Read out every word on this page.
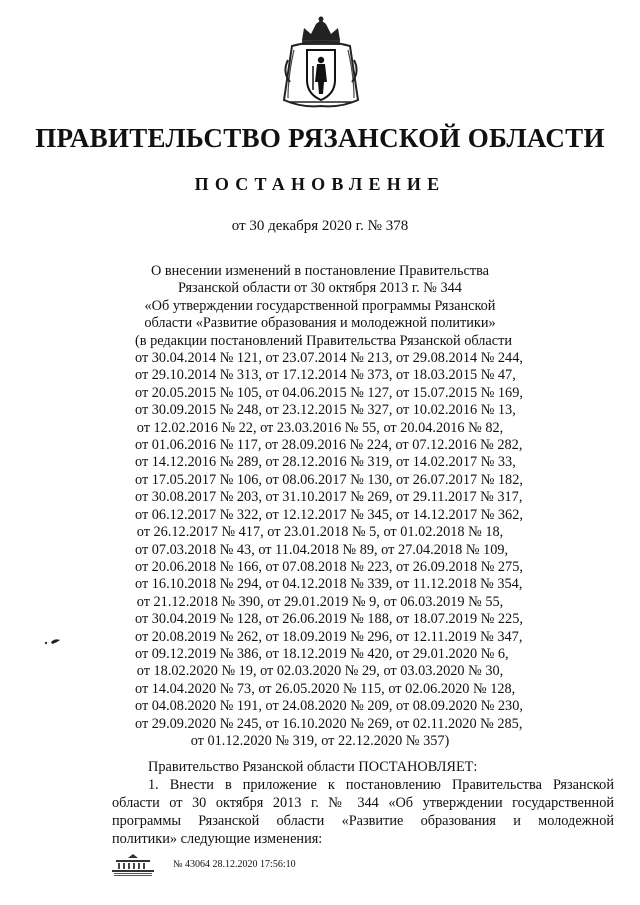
ПРАВИТЕЛЬСТВО РЯЗАНСКОЙ ОБЛАСТИ
ПОСТАНОВЛЕНИЕ
от 30 декабря 2020 г. № 378
О внесении изменений в постановление Правительства
Рязанской области от 30 октября 2013 г. № 344
«Об утверждении государственной программы Рязанской
области «Развитие образования и молодежной политики»
(в редакции постановлений Правительства Рязанской области
от 30.04.2014 № 121, от 23.07.2014 № 213, от 29.08.2014 № 244,
от 29.10.2014 № 313, от 17.12.2014 № 373, от 18.03.2015 № 47,
от 20.05.2015 № 105, от 04.06.2015 № 127, от 15.07.2015 № 169,
от 30.09.2015 № 248, от 23.12.2015 № 327, от 10.02.2016 № 13,
от 12.02.2016 № 22, от 23.03.2016 № 55, от 20.04.2016 № 82,
от 01.06.2016 № 117, от 28.09.2016 № 224, от 07.12.2016 № 282,
от 14.12.2016 № 289, от 28.12.2016 № 319, от 14.02.2017 № 33,
от 17.05.2017 № 106, от 08.06.2017 № 130, от 26.07.2017 № 182,
от 30.08.2017 № 203, от 31.10.2017 № 269, от 29.11.2017 № 317,
от 06.12.2017 № 322, от 12.12.2017 № 345, от 14.12.2017 № 362,
от 26.12.2017 № 417, от 23.01.2018 № 5, от 01.02.2018 № 18,
от 07.03.2018 № 43, от 11.04.2018 № 89, от 27.04.2018 № 109,
от 20.06.2018 № 166, от 07.08.2018 № 223, от 26.09.2018 № 275,
от 16.10.2018 № 294, от 04.12.2018 № 339, от 11.12.2018 № 354,
от 21.12.2018 № 390, от 29.01.2019 № 9, от 06.03.2019 № 55,
от 30.04.2019 № 128, от 26.06.2019 № 188, от 18.07.2019 № 225,
от 20.08.2019 № 262, от 18.09.2019 № 296, от 12.11.2019 № 347,
от 09.12.2019 № 386, от 18.12.2019 № 420, от 29.01.2020 № 6,
от 18.02.2020 № 19, от 02.03.2020 № 29, от 03.03.2020 № 30,
от 14.04.2020 № 73, от 26.05.2020 № 115, от 02.06.2020 № 128,
от 04.08.2020 № 191, от 24.08.2020 № 209, от 08.09.2020 № 230,
от 29.09.2020 № 245, от 16.10.2020 № 269, от 02.11.2020 № 285,
от 01.12.2020 № 319, от 22.12.2020 № 357)
Правительство Рязанской области ПОСТАНОВЛЯЕТ:
1. Внести в приложение к постановлению Правительства Рязанской
области от 30 октября 2013 г. № 344 «Об утверждении государственной
программы Рязанской области «Развитие образования и молодежной
политики» следующие изменения:
№ 43064 28.12.2020 17:56:10
